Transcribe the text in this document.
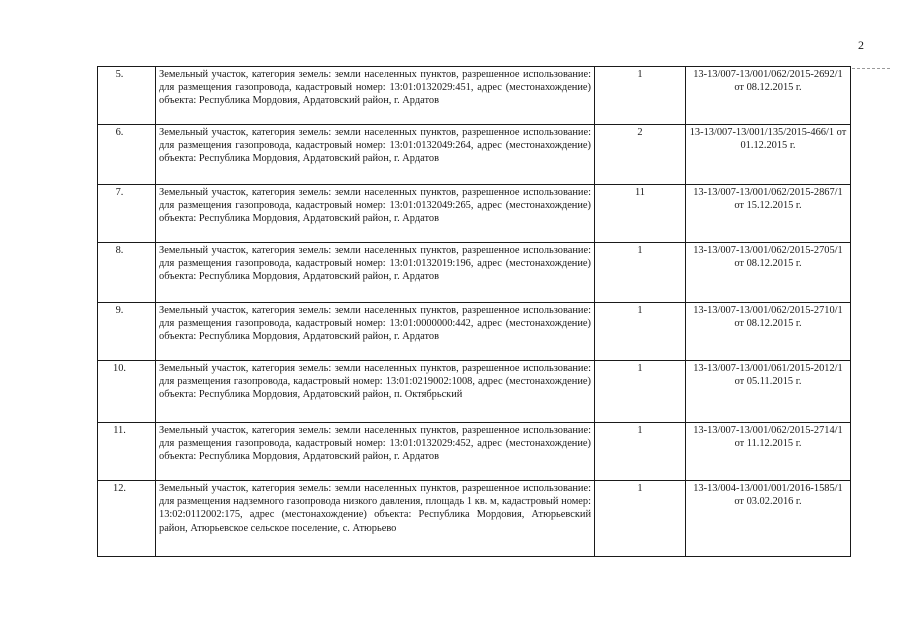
2
5.	Земельный участок, категория земель: земли населенных пунктов, разрешенное использование: для размещения газопровода, кадастровый номер: 13:01:0132029:451, адрес (местонахождение) объекта: Республика Мордовия, Ардатовский район, г. Ардатов	1	13-13/007-13/001/062/2015-2692/1 от 08.12.2015 г.
6.	Земельный участок, категория земель: земли населенных пунктов, разрешенное использование: для размещения газопровода, кадастровый номер: 13:01:0132049:264, адрес (местонахождение) объекта: Республика Мордовия, Ардатовский район, г. Ардатов	2	13-13/007-13/001/135/2015-466/1 от 01.12.2015 г.
7.	Земельный участок, категория земель: земли населенных пунктов, разрешенное использование: для размещения газопровода, кадастровый номер: 13:01:0132049:265, адрес (местонахождение) объекта: Республика Мордовия, Ардатовский район, г. Ардатов	11	13-13/007-13/001/062/2015-2867/1 от 15.12.2015 г.
8.	Земельный участок, категория земель: земли населенных пунктов, разрешенное использование: для размещения газопровода, кадастровый номер: 13:01:0132019:196, адрес (местонахождение) объекта: Республика Мордовия, Ардатовский район, г. Ардатов	1	13-13/007-13/001/062/2015-2705/1 от 08.12.2015 г.
9.	Земельный участок, категория земель: земли населенных пунктов, разрешенное использование: для размещения газопровода, кадастровый номер: 13:01:0000000:442, адрес (местонахождение) объекта: Республика Мордовия, Ардатовский район, г. Ардатов	1	13-13/007-13/001/062/2015-2710/1 от 08.12.2015 г.
10.	Земельный участок, категория земель: земли населенных пунктов, разрешенное использование: для размещения газопровода, кадастровый номер: 13:01:0219002:1008, адрес (местонахождение) объекта: Республика Мордовия, Ардатовский район, п. Октябрьский	1	13-13/007-13/001/061/2015-2012/1 от 05.11.2015 г.
11.	Земельный участок, категория земель: земли населенных пунктов, разрешенное использование: для размещения газопровода, кадастровый номер: 13:01:0132029:452, адрес (местонахождение) объекта: Республика Мордовия, Ардатовский район, г. Ардатов	1	13-13/007-13/001/062/2015-2714/1 от 11.12.2015 г.
12.	Земельный участок, категория земель: земли населенных пунктов, разрешенное использование: для размещения надземного газопровода низкого давления, площадь 1 кв. м, кадастровый номер: 13:02:0112002:175, адрес (местонахождение) объекта: Республика Мордовия, Атюрьевский район, Атюрьевское сельское поселение, с. Атюрьево	1	13-13/004-13/001/001/2016-1585/1 от 03.02.2016 г.
